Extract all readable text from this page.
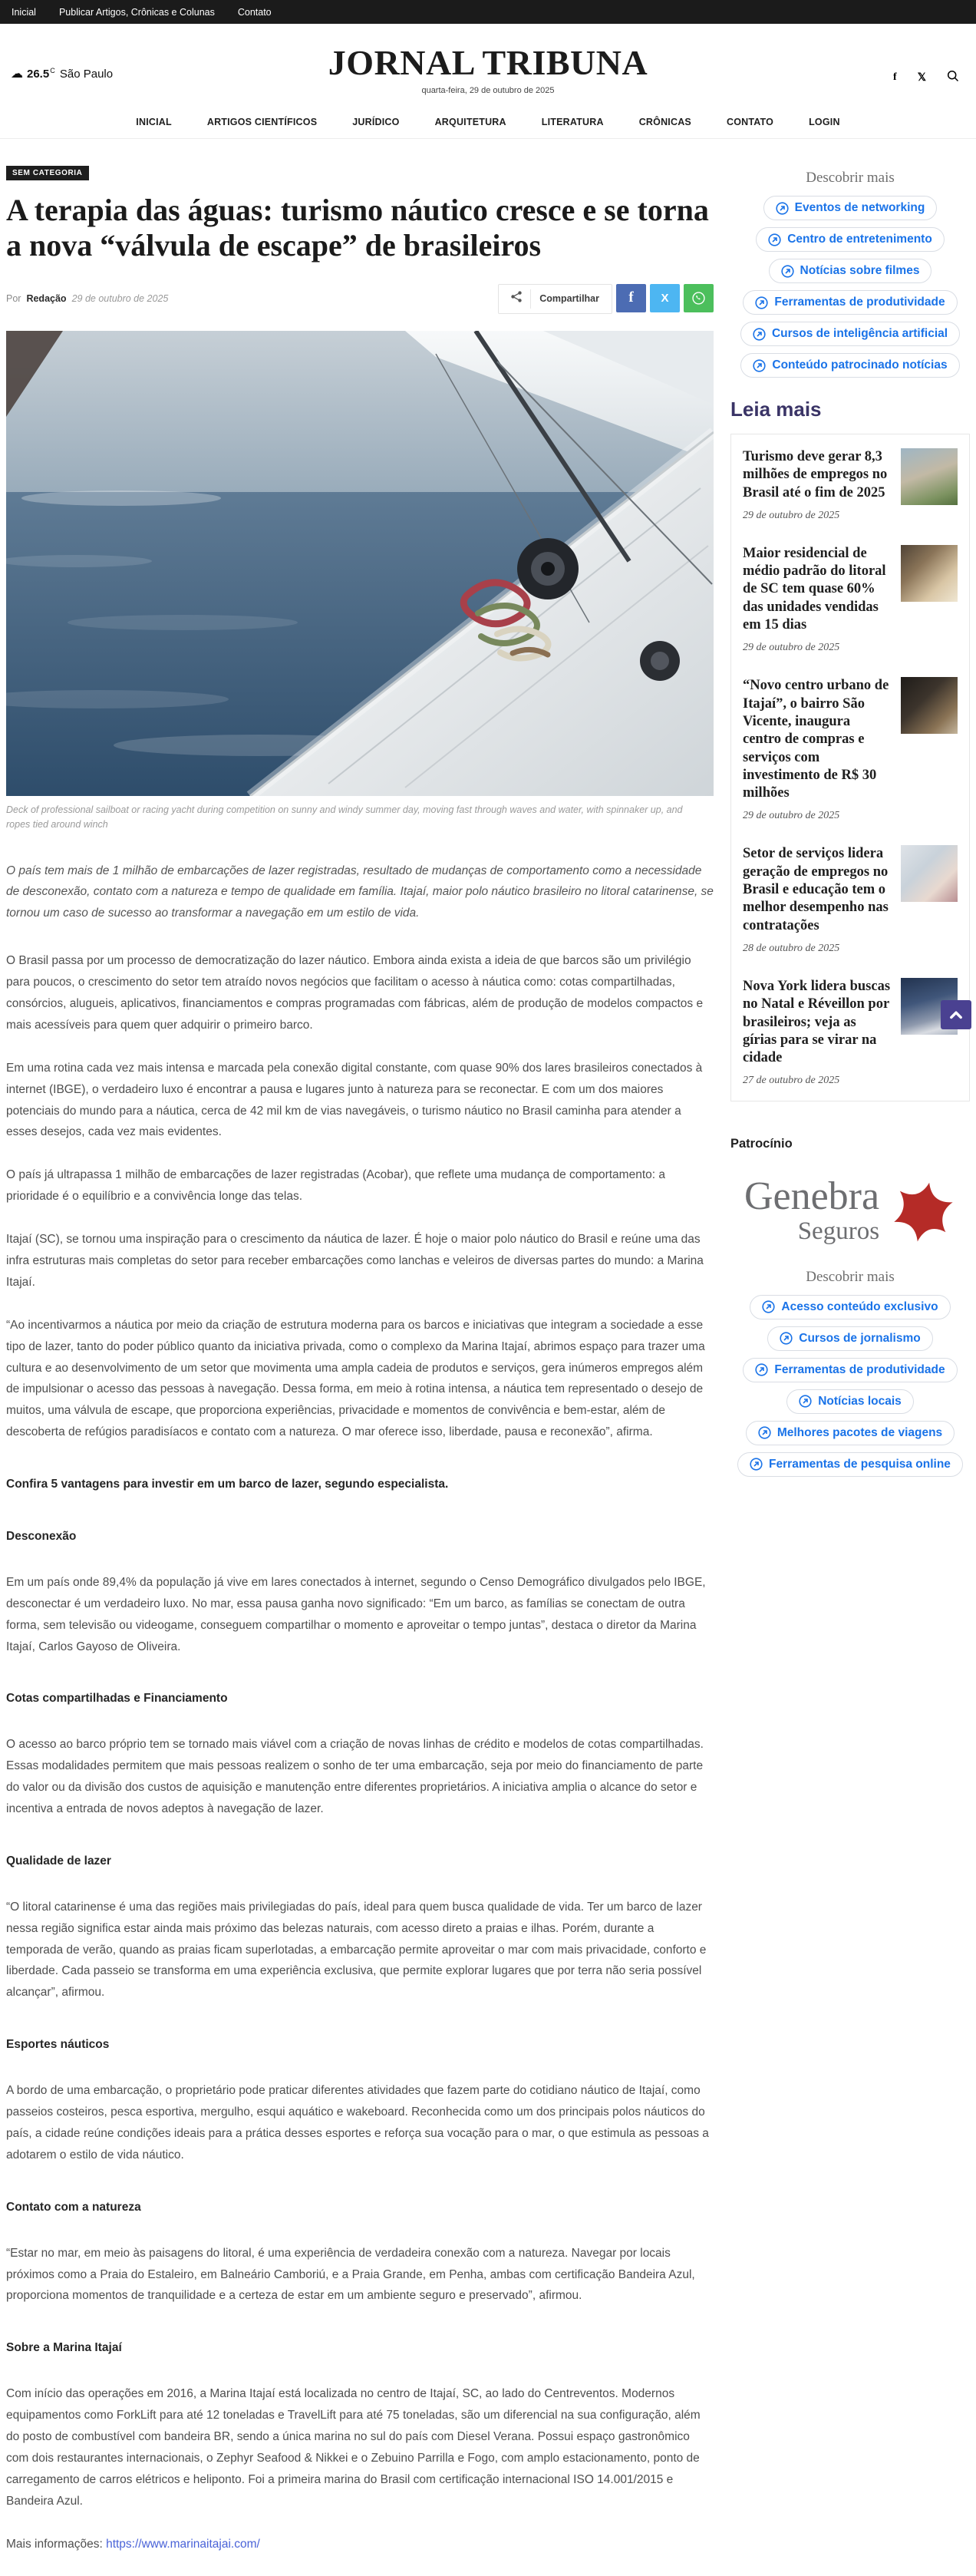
Inicial Publicar Artigos, Crônicas e Colunas Contato
☁ $26.5^C$ São Paulo	JORNAL TRIBUNA
quarta-feira, 29 de outubro de 2025
f 𝕏
INICIAL	ARTIGOS CIENTÍFICOS	JURÍDICO	ARQUITETURA	LITERATURA	CRÔNICAS	CONTATO	LOGIN
SEM CATEGORIA
A terapia das águas: turismo náutico cresce e se torna a nova “válvula de escape” de brasileiros
Por Redação 29 de outubro de 2025	Compartilhar	f	X
Deck of professional sailboat or racing yacht during competition on sunny and windy summer day, moving fast through waves and water, with spinnaker up, and ropes tied around winch

O país tem mais de 1 milhão de embarcações de lazer registradas, resultado de mudanças de comportamento como a necessidade de desconexão, contato com a natureza e tempo de qualidade em família. Itajaí, maior polo náutico brasileiro no litoral catarinense, se tornou um caso de sucesso ao transformar a navegação em um estilo de vida.

O Brasil passa por um processo de democratização do lazer náutico. Embora ainda exista a ideia de que barcos são um privilégio para poucos, o crescimento do setor tem atraído novos negócios que facilitam o acesso à náutica como: cotas compartilhadas, consórcios, alugueis, aplicativos, financiamentos e compras programadas com fábricas, além de produção de modelos compactos e mais acessíveis para quem quer adquirir o primeiro barco.

Em uma rotina cada vez mais intensa e marcada pela conexão digital constante, com quase 90% dos lares brasileiros conectados à internet (IBGE), o verdadeiro luxo é encontrar a pausa e lugares junto à natureza para se reconectar. E com um dos maiores potenciais do mundo para a náutica, cerca de 42 mil km de vias navegáveis, o turismo náutico no Brasil caminha para atender a esses desejos, cada vez mais evidentes.

O país já ultrapassa 1 milhão de embarcações de lazer registradas (Acobar), que reflete uma mudança de comportamento: a prioridade é o equilíbrio e a convivência longe das telas.

Itajaí (SC), se tornou uma inspiração para o crescimento da náutica de lazer. É hoje o maior polo náutico do Brasil e reúne uma das infra estruturas mais completas do setor para receber embarcações como lanchas e veleiros de diversas partes do mundo: a Marina Itajaí.

“Ao incentivarmos a náutica por meio da criação de estrutura moderna para os barcos e iniciativas que integram a sociedade a esse tipo de lazer, tanto do poder público quanto da iniciativa privada, como o complexo da Marina Itajaí, abrimos espaço para trazer uma cultura e ao desenvolvimento de um setor que movimenta uma ampla cadeia de produtos e serviços, gera inúmeros empregos além de impulsionar o acesso das pessoas à navegação. Dessa forma, em meio à rotina intensa, a náutica tem representado o desejo de muitos, uma válvula de escape, que proporciona experiências, privacidade e momentos de convivência e bem-estar, além de descoberta de refúgios paradisíacos e contato com a natureza. O mar oferece isso, liberdade, pausa e reconexão”, afirma.

Confira 5 vantagens para investir em um barco de lazer, segundo especialista.

Desconexão

Em um país onde 89,4% da população já vive em lares conectados à internet, segundo o Censo Demográfico divulgados pelo IBGE, desconectar é um verdadeiro luxo. No mar, essa pausa ganha novo significado: “Em um barco, as famílias se conectam de outra forma, sem televisão ou videogame, conseguem compartilhar o momento e aproveitar o tempo juntas”, destaca o diretor da Marina Itajaí, Carlos Gayoso de Oliveira.

Cotas compartilhadas e Financiamento

O acesso ao barco próprio tem se tornado mais viável com a criação de novas linhas de crédito e modelos de cotas compartilhadas. Essas modalidades permitem que mais pessoas realizem o sonho de ter uma embarcação, seja por meio do financiamento de parte do valor ou da divisão dos custos de aquisição e manutenção entre diferentes proprietários. A iniciativa amplia o alcance do setor e incentiva a entrada de novos adeptos à navegação de lazer.

Qualidade de lazer

“O litoral catarinense é uma das regiões mais privilegiadas do país, ideal para quem busca qualidade de vida. Ter um barco de lazer nessa região significa estar ainda mais próximo das belezas naturais, com acesso direto a praias e ilhas. Porém, durante a temporada de verão, quando as praias ficam superlotadas, a embarcação permite aproveitar o mar com mais privacidade, conforto e liberdade. Cada passeio se transforma em uma experiência exclusiva, que permite explorar lugares que por terra não seria possível alcançar”, afirmou.

Esportes náuticos

A bordo de uma embarcação, o proprietário pode praticar diferentes atividades que fazem parte do cotidiano náutico de Itajaí, como passeios costeiros, pesca esportiva, mergulho, esqui aquático e wakeboard. Reconhecida como um dos principais polos náuticos do país, a cidade reúne condições ideais para a prática desses esportes e reforça sua vocação para o mar, o que estimula as pessoas a adotarem o estilo de vida náutico.

Contato com a natureza

“Estar no mar, em meio às paisagens do litoral, é uma experiência de verdadeira conexão com a natureza. Navegar por locais próximos como a Praia do Estaleiro, em Balneário Camboriú, e a Praia Grande, em Penha, ambas com certificação Bandeira Azul, proporciona momentos de tranquilidade e a certeza de estar em um ambiente seguro e preservado”, afirmou.

Sobre a Marina Itajaí

Com início das operações em 2016, a Marina Itajaí está localizada no centro de Itajaí, SC, ao lado do Centreventos. Modernos equipamentos como ForkLift para até 12 toneladas e TravelLift para até 75 toneladas, são um diferencial na sua configuração, além do posto de combustível com bandeira BR, sendo a única marina no sul do país com Diesel Verana. Possui espaço gastronômico com dois restaurantes internacionais, o Zephyr Seafood & Nikkei e o Zebuino Parrilla e Fogo, com amplo estacionamento, ponto de carregamento de carros elétricos e heliponto. Foi a primeira marina do Brasil com certificação internacional ISO 14.001/2015 e Bandeira Azul.

Mais informações: https://www.marinaitajai.com/

Descobrir mais
Eventos de networking
Centro de entretenimento
Notícias sobre filmes
Ferramentas de produtividade
Cursos de inteligência artificial
Conteúdo patrocinado notícias
Leia mais
Turismo deve gerar 8,3 milhões de empregos no Brasil até o fim de 2025
29 de outubro de 2025
Maior residencial de médio padrão do litoral de SC tem quase 60% das unidades vendidas em 15 dias
29 de outubro de 2025
“Novo centro urbano de Itajaí”, o bairro São Vicente, inaugura centro de compras e serviços com investimento de R$ 30 milhões
29 de outubro de 2025
Setor de serviços lidera geração de empregos no Brasil e educação tem o melhor desempenho nas contratações
28 de outubro de 2025
Nova York lidera buscas no Natal e Réveillon por brasileiros; veja as gírias para se virar na cidade
27 de outubro de 2025
Patrocínio
Genebra
Seguros
Descobrir mais
Acesso conteúdo exclusivo
Cursos de jornalismo
Ferramentas de produtividade
Notícias locais
Melhores pacotes de viagens
Ferramentas de pesquisa online
